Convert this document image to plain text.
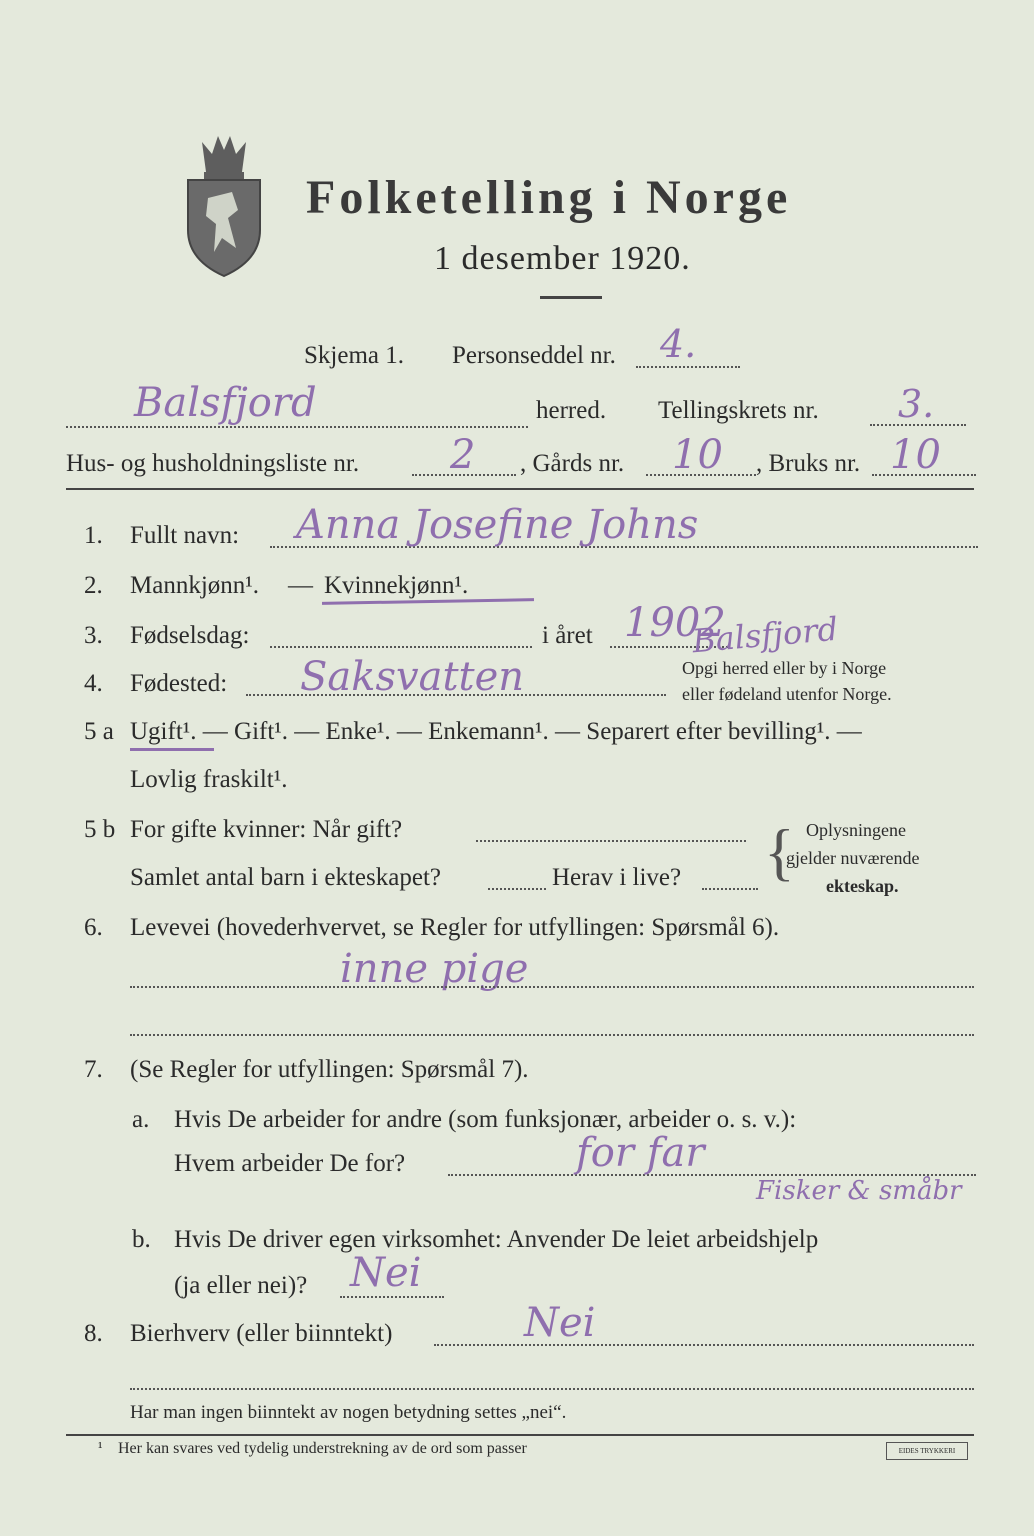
Folketelling i Norge
1 desember 1920.
Skjema 1. Personseddel nr. 4.
Balsfjord	herred. Tellingskrets nr. 3.
Hus- og husholdningsliste nr. 2 , Gårds nr. 10 , Bruks nr. 10
1.	Fullt navn: Anna Josefine Johns
2.	Mannkjønn¹. — Kvinnekjønn¹.
3.	Fødselsdag:	i året 1902
4.	Fødested: Saksvatten
Balsfjord
Opgi herred eller by i Norge
eller fødeland utenfor Norge.
5 a Ugift¹. — Gift¹. — Enke¹. — Enkemann¹. — Separert efter bevilling¹. —
Lovlig fraskilt¹.
5 b For gifte kvinner: Når gift?
Samlet antal barn i ekteskapet?	Herav i live? { Oplysningene
gjelder nuværende
ekteskap.
6.	Levevei (hovederhvervet, se Regler for utfyllingen: Spørsmål 6).
inne pige
7.	(Se Regler for utfyllingen: Spørsmål 7).
a. Hvis De arbeider for andre (som funksjonær, arbeider o. s. v.):
Hvem arbeider De for?	for far
Fisker & småbr
b. Hvis De driver egen virksomhet: Anvender De leiet arbeidshjelp
(ja eller nei)? Nei
8.	Bierhverv (eller biinntekt)	Nei
Har man ingen biinntekt av nogen betydning settes „nei“.
¹ Her kan svares ved tydelig understrekning av de ord som passer	EIDES TRYKKERI
